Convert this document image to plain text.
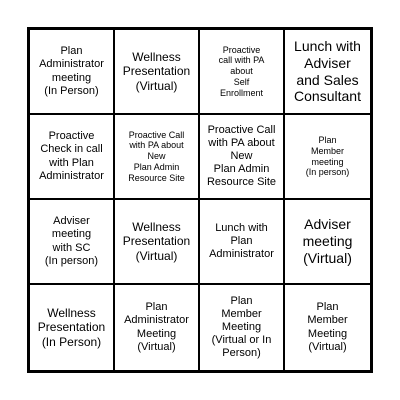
Plan
Administrator
meeting
(In Person)
Wellness
Presentation
(Virtual)
Proactive
call with PA
about
Self
Enrollment
Lunch with
Adviser
and Sales
Consultant
Proactive
Check in call
with Plan
Administrator
Proactive Call
with PA about
New
Plan Admin
Resource Site
Proactive Call
with PA about
New
Plan Admin
Resource Site
Plan
Member
meeting
(In person)
Adviser
meeting
with SC
(In person)
Wellness
Presentation
(Virtual)
Lunch with
Plan
Administrator
Adviser
meeting
(Virtual)
Wellness
Presentation
(In Person)
Plan
Administrator
Meeting
(Virtual)
Plan
Member
Meeting
(Virtual or In
Person)
Plan
Member
Meeting
(Virtual)
